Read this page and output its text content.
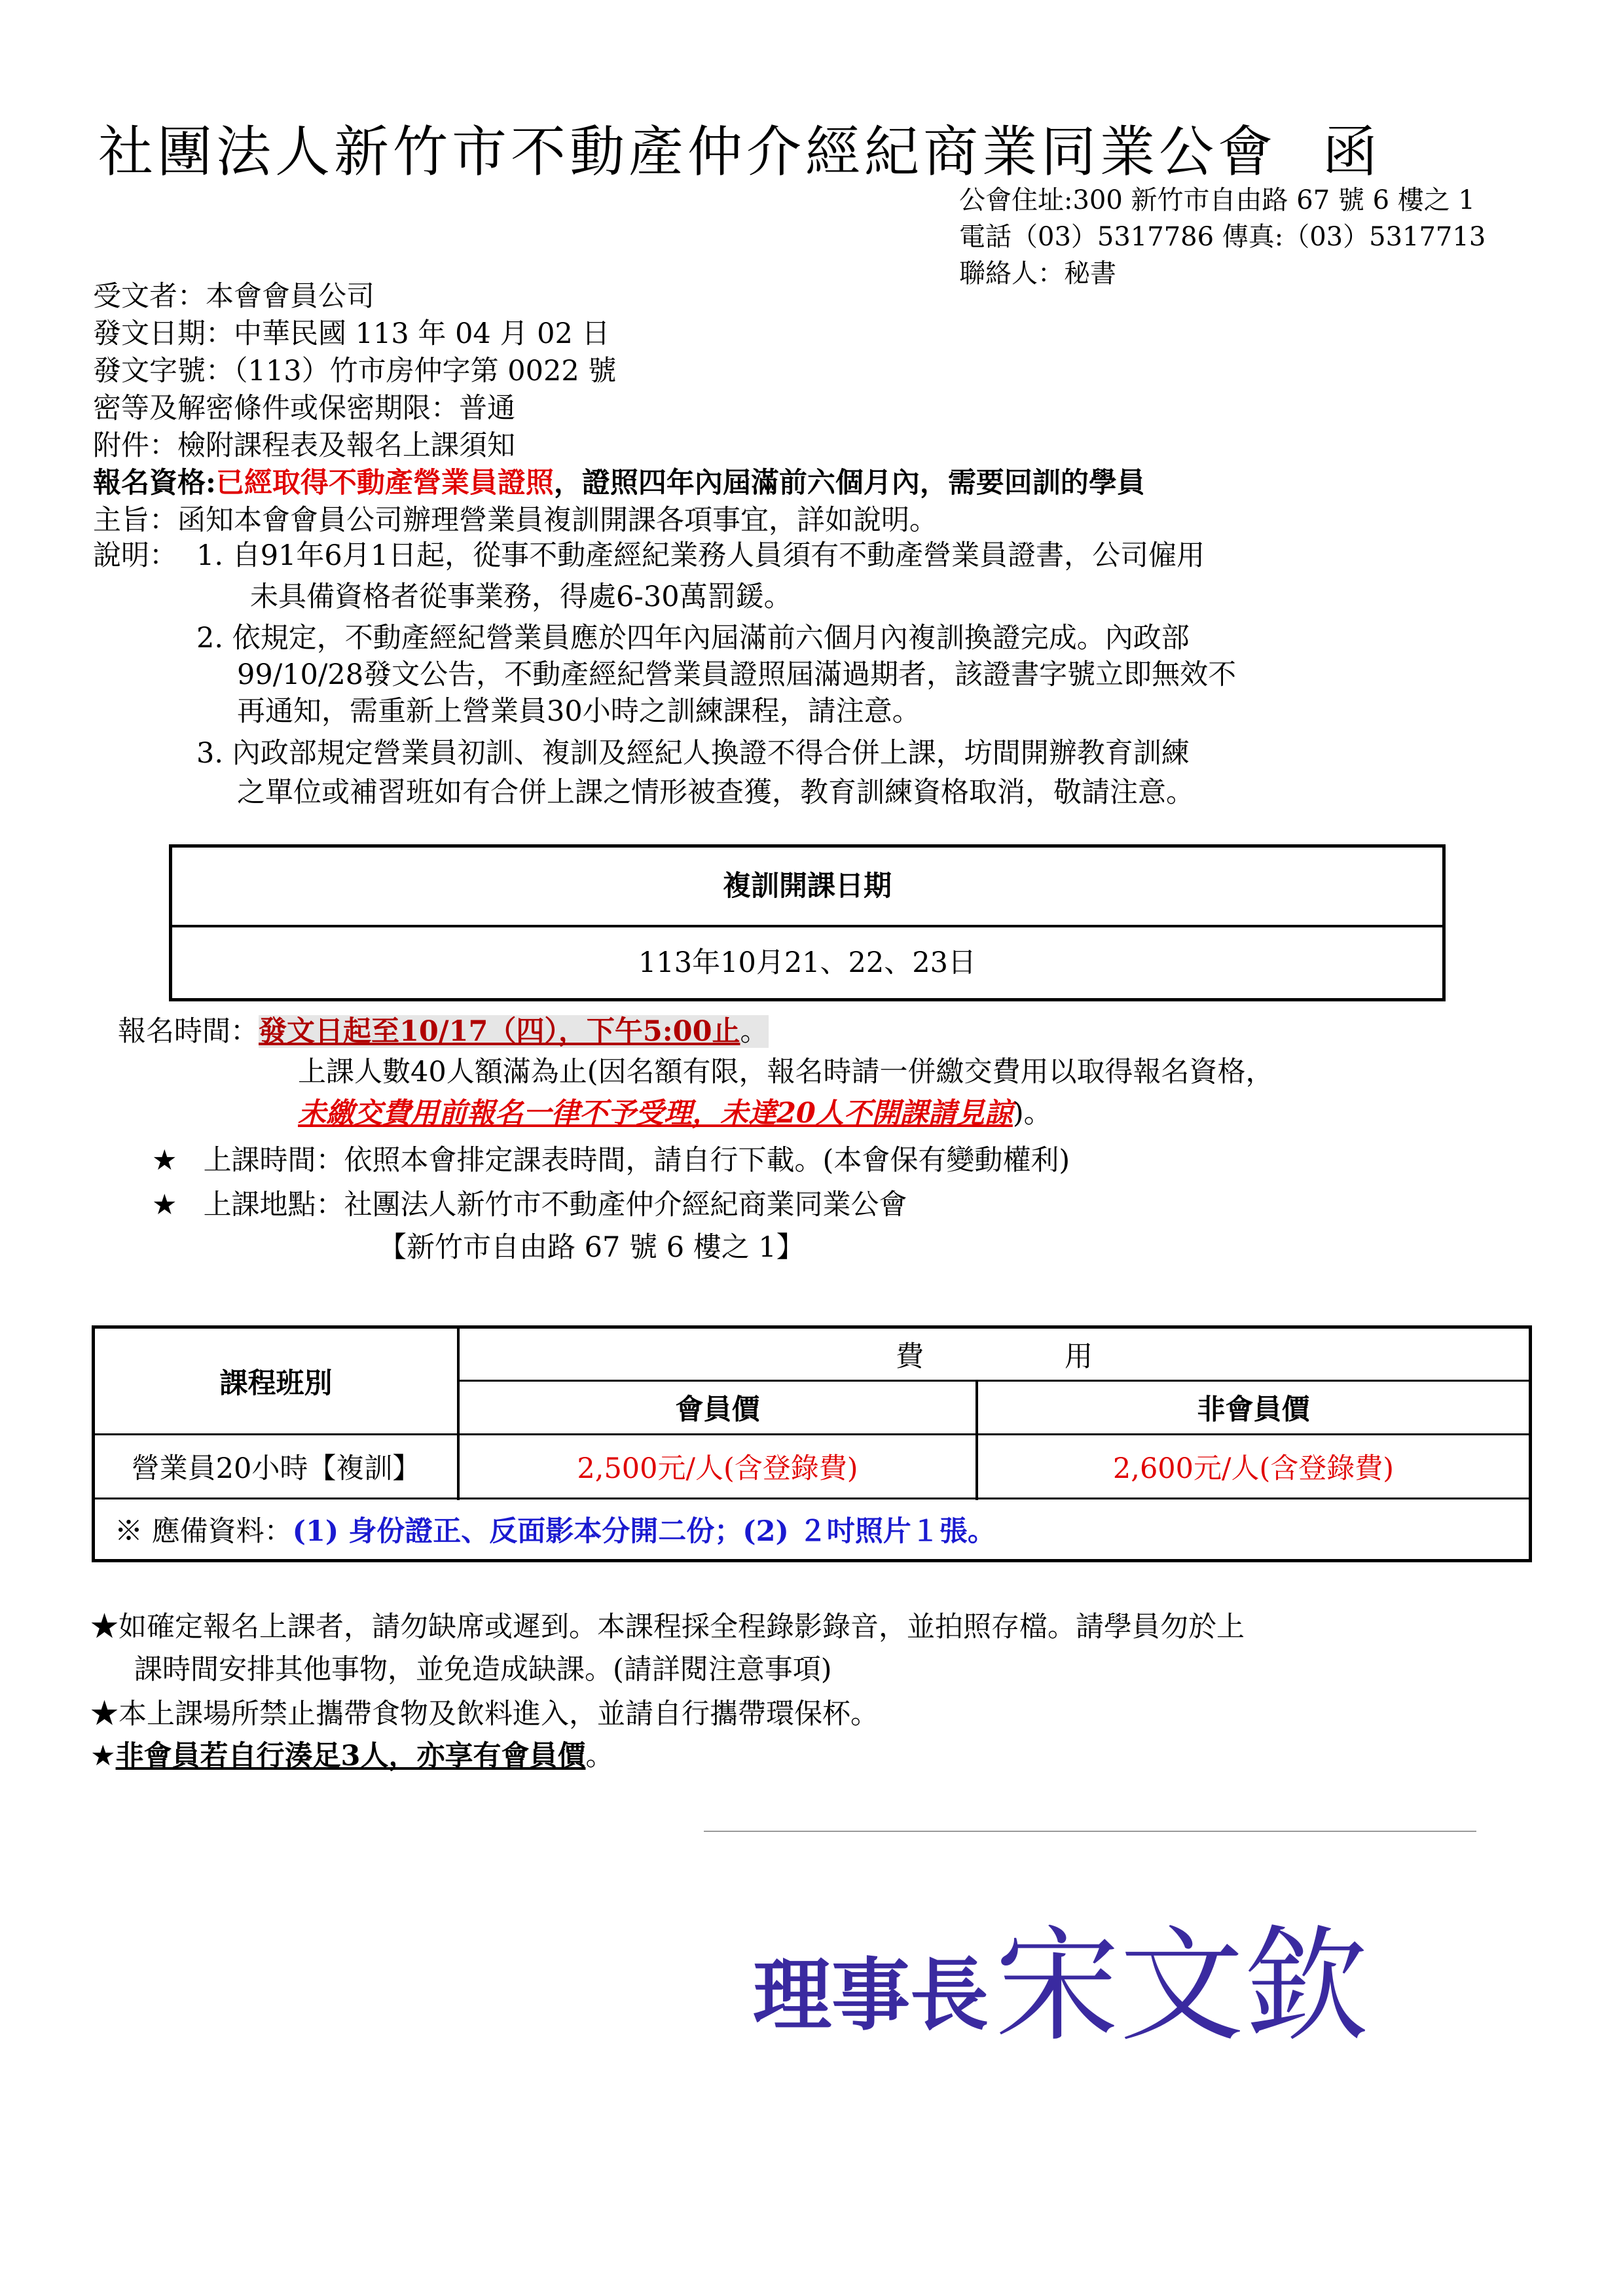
社團法人新竹市不動產仲介經紀商業同業公會 函
公會住址:300 新竹市自由路 67 號 6 樓之 1
電話（03）5317786 傳真:（03）5317713
聯絡人：秘書
受文者：本會會員公司
發文日期：中華民國 113 年 04 月 02 日
發文字號：（113）竹市房仲字第 0022 號
密等及解密條件或保密期限：普通
附件：檢附課程表及報名上課須知
報名資格:已經取得不動產營業員證照，證照四年內屆滿前六個月內，需要回訓的學員
主旨：函知本會會員公司辦理營業員複訓開課各項事宜，詳如說明。
說明： 1. 自91年6月1日起，從事不動產經紀業務人員須有不動產營業員證書，公司僱用
未具備資格者從事業務，得處6-30萬罰鍰。
2. 依規定，不動產經紀營業員應於四年內屆滿前六個月內複訓換證完成。內政部
99/10/28發文公告，不動產經紀營業員證照屆滿過期者，該證書字號立即無效不
再通知，需重新上營業員30小時之訓練課程，請注意。
3. 內政部規定營業員初訓、複訓及經紀人換證不得合併上課，坊間開辦教育訓練
之單位或補習班如有合併上課之情形被查獲，教育訓練資格取消，敬請注意。
複訓開課日期
113年10月21、22、23日
報名時間：發文日起至10/17（四），下午5:00止。
上課人數40人額滿為止(因名額有限，報名時請一併繳交費用以取得報名資格，
未繳交費用前報名一律不予受理，未達20人不開課請見諒)。
★ 上課時間：依照本會排定課表時間，請自行下載。(本會保有變動權利)
★ 上課地點：社團法人新竹市不動產仲介經紀商業同業公會
【新竹市自由路 67 號 6 樓之 1】
課程班別
費　　　　　用
會員價	非會員價
營業員20小時【複訓】	2,500元/人(含登錄費)	2,600元/人(含登錄費)
※ 應備資料： (1) 身份證正、反面影本分開二份；(2) ２吋照片１張。
★如確定報名上課者，請勿缺席或遲到。本課程採全程錄影錄音，並拍照存檔。請學員勿於上
課時間安排其他事物，並免造成缺課。(請詳閱注意事項)
★本上課場所禁止攜帶食物及飲料進入，並請自行攜帶環保杯。
★非會員若自行湊足3人，亦享有會員價。
理事長 宋文欽
